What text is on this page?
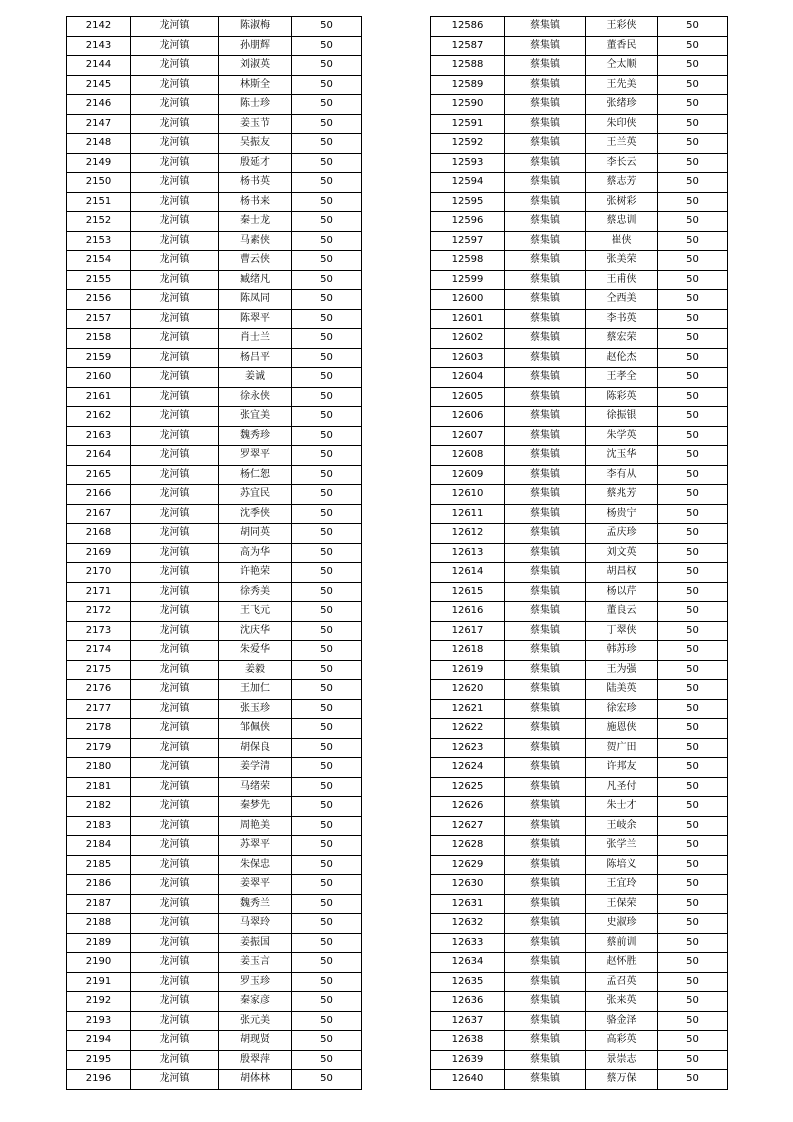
2142	龙河镇	陈淑梅	50
2143	龙河镇	孙朋辉	50
2144	龙河镇	刘淑英	50
2145	龙河镇	林斯全	50
2146	龙河镇	陈士珍	50
2147	龙河镇	姜玉节	50
2148	龙河镇	吴振友	50
2149	龙河镇	殷延才	50
2150	龙河镇	杨书英	50
2151	龙河镇	杨书来	50
2152	龙河镇	秦士龙	50
2153	龙河镇	马素侠	50
2154	龙河镇	曹云侠	50
2155	龙河镇	臧绪凡	50
2156	龙河镇	陈凤同	50
2157	龙河镇	陈翠平	50
2158	龙河镇	肖士兰	50
2159	龙河镇	杨吕平	50
2160	龙河镇	姜诚	50
2161	龙河镇	徐永侠	50
2162	龙河镇	张宜美	50
2163	龙河镇	魏秀珍	50
2164	龙河镇	罗翠平	50
2165	龙河镇	杨仁恕	50
2166	龙河镇	苏宜民	50
2167	龙河镇	沈季侠	50
2168	龙河镇	胡同英	50
2169	龙河镇	高为华	50
2170	龙河镇	许艳荣	50
2171	龙河镇	徐秀美	50
2172	龙河镇	王飞元	50
2173	龙河镇	沈庆华	50
2174	龙河镇	朱爱华	50
2175	龙河镇	姜毅	50
2176	龙河镇	王加仁	50
2177	龙河镇	张玉珍	50
2178	龙河镇	邹佩侠	50
2179	龙河镇	胡保良	50
2180	龙河镇	姜学清	50
2181	龙河镇	马绪荣	50
2182	龙河镇	秦梦先	50
2183	龙河镇	周艳美	50
2184	龙河镇	苏翠平	50
2185	龙河镇	朱保忠	50
2186	龙河镇	姜翠平	50
2187	龙河镇	魏秀兰	50
2188	龙河镇	马翠玲	50
2189	龙河镇	姜振国	50
2190	龙河镇	姜玉言	50
2191	龙河镇	罗玉珍	50
2192	龙河镇	秦家彦	50
2193	龙河镇	张元美	50
2194	龙河镇	胡现贤	50
2195	龙河镇	殷翠萍	50
2196	龙河镇	胡体林	50
12586	蔡集镇	王彩侠	50
12587	蔡集镇	董香民	50
12588	蔡集镇	仝太顺	50
12589	蔡集镇	王先美	50
12590	蔡集镇	张绪珍	50
12591	蔡集镇	朱印侠	50
12592	蔡集镇	王兰英	50
12593	蔡集镇	李长云	50
12594	蔡集镇	蔡志芳	50
12595	蔡集镇	张树彩	50
12596	蔡集镇	蔡忠训	50
12597	蔡集镇	崔侠	50
12598	蔡集镇	张美荣	50
12599	蔡集镇	王甫侠	50
12600	蔡集镇	仝西美	50
12601	蔡集镇	李书英	50
12602	蔡集镇	蔡宏荣	50
12603	蔡集镇	赵伦杰	50
12604	蔡集镇	王孝全	50
12605	蔡集镇	陈彩英	50
12606	蔡集镇	徐振银	50
12607	蔡集镇	朱学英	50
12608	蔡集镇	沈玉华	50
12609	蔡集镇	李有从	50
12610	蔡集镇	蔡兆芳	50
12611	蔡集镇	杨贵宁	50
12612	蔡集镇	孟庆珍	50
12613	蔡集镇	刘文英	50
12614	蔡集镇	胡昌权	50
12615	蔡集镇	杨以芹	50
12616	蔡集镇	董良云	50
12617	蔡集镇	丁翠侠	50
12618	蔡集镇	韩苏珍	50
12619	蔡集镇	王为强	50
12620	蔡集镇	陆美英	50
12621	蔡集镇	徐宏珍	50
12622	蔡集镇	施恩侠	50
12623	蔡集镇	贺广田	50
12624	蔡集镇	许邦友	50
12625	蔡集镇	凡圣付	50
12626	蔡集镇	朱士才	50
12627	蔡集镇	王岐余	50
12628	蔡集镇	张学兰	50
12629	蔡集镇	陈培义	50
12630	蔡集镇	王宜玲	50
12631	蔡集镇	王保荣	50
12632	蔡集镇	史淑珍	50
12633	蔡集镇	蔡前训	50
12634	蔡集镇	赵怀胜	50
12635	蔡集镇	孟召英	50
12636	蔡集镇	张来英	50
12637	蔡集镇	骆金泽	50
12638	蔡集镇	高彩英	50
12639	蔡集镇	景崇志	50
12640	蔡集镇	蔡万保	50
